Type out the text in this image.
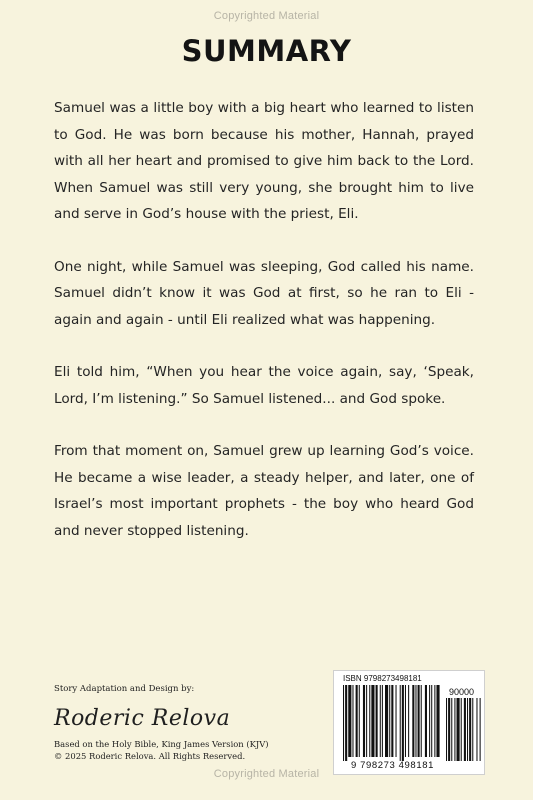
Copyrighted Material
SUMMARY

Samuel was a little boy with a big heart who learned to listen to God. He was born because his mother, Hannah, prayed with all her heart and promised to give him back to the Lord. When Samuel was still very young, she brought him to live and serve in God’s house with the priest, Eli.

One night, while Samuel was sleeping, God called his name. Samuel didn’t know it was God at first, so he ran to Eli - again and again - until Eli realized what was happening.

Eli told him, “When you hear the voice again, say, ‘Speak, Lord, I’m listening.” So Samuel listened... and God spoke.

From that moment on, Samuel grew up learning God’s voice. He became a wise leader, a steady helper, and later, one of Israel’s most important prophets - the boy who heard God and never stopped listening.

Story Adaptation and Design by:

Roderic Relova

Based on the Holy Bible, King James Version (KJV)

© 2025 Roderic Relova. All Rights Reserved.

ISBN 9798273498181
90000
9 798273 498181
Copyrighted Material
